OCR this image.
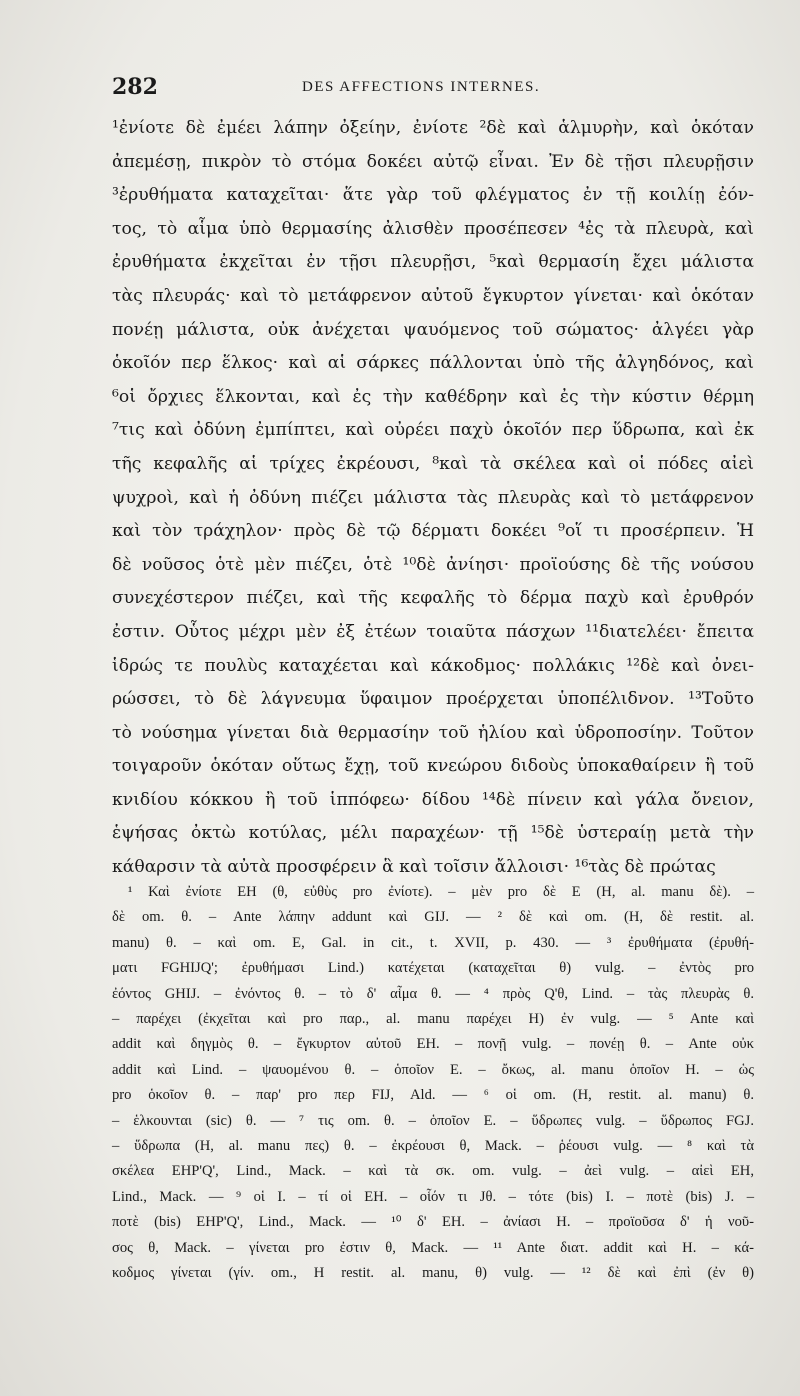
282	DES AFFECTIONS INTERNES.
¹ἐνίοτε δὲ ἐμέει λάπην ὀξείην, ἐνίοτε ²δὲ καὶ ἁλμυρὴν, καὶ ὁκόταν
ἀπεμέσῃ, πικρὸν τὸ στόμα δοκέει αὐτῷ εἶναι. Ἐν δὲ τῇσι πλευρῇσιν
³ἐρυθήματα καταχεῖται· ἅτε γὰρ τοῦ φλέγματος ἐν τῇ κοιλίῃ ἐόν-
τος, τὸ αἷμα ὑπὸ θερμασίης ἀλισθὲν προσέπεσεν ⁴ἐς τὰ πλευρὰ, καὶ
ἐρυθήματα ἐκχεῖται ἐν τῇσι πλευρῇσι, ⁵καὶ θερμασίη ἔχει μάλιστα
τὰς πλευράς· καὶ τὸ μετάφρενον αὐτοῦ ἔγκυρτον γίνεται· καὶ ὁκόταν
πονέῃ μάλιστα, οὐκ ἀνέχεται ψαυόμενος τοῦ σώματος· ἀλγέει γὰρ
ὁκοῖόν περ ἕλκος· καὶ αἱ σάρκες πάλλονται ὑπὸ τῆς ἀλγηδόνος, καὶ
⁶οἱ ὄρχιες ἕλκονται, καὶ ἐς τὴν καθέδρην καὶ ἐς τὴν κύστιν θέρμη
⁷τις καὶ ὀδύνη ἐμπίπτει, καὶ οὐρέει παχὺ ὁκοῖόν περ ὕδρωπα, καὶ ἐκ
τῆς κεφαλῆς αἱ τρίχες ἐκρέουσι, ⁸καὶ τὰ σκέλεα καὶ οἱ πόδες αἰεὶ
ψυχροὶ, καὶ ἡ ὀδύνη πιέζει μάλιστα τὰς πλευρὰς καὶ τὸ μετάφρενον
καὶ τὸν τράχηλον· πρὸς δὲ τῷ δέρματι δοκέει ⁹οἵ τι προσέρπειν. Ἡ
δὲ νοῦσος ὁτὲ μὲν πιέζει, ὁτὲ ¹⁰δὲ ἀνίησι· προϊούσης δὲ τῆς νούσου
συνεχέστερον πιέζει, καὶ τῆς κεφαλῆς τὸ δέρμα παχὺ καὶ ἐρυθρόν
ἐστιν. Οὗτος μέχρι μὲν ἐξ ἐτέων τοιαῦτα πάσχων ¹¹διατελέει· ἔπειτα
ἱδρώς τε πουλὺς καταχέεται καὶ κάκοδμος· πολλάκις ¹²δὲ καὶ ὀνει-
ρώσσει, τὸ δὲ λάγνευμα ὕφαιμον προέρχεται ὑποπέλιδνον. ¹³Τοῦτο
τὸ νούσημα γίνεται διὰ θερμασίην τοῦ ἡλίου καὶ ὑδροποσίην. Τοῦτον
τοιγαροῦν ὁκόταν οὕτως ἔχῃ, τοῦ κνεώρου διδοὺς ὑποκαθαίρειν ἢ τοῦ
κνιδίου κόκκου ἢ τοῦ ἱππόφεω· δίδου ¹⁴δὲ πίνειν καὶ γάλα ὄνειον,
ἑψήσας ὀκτὼ κοτύλας, μέλι παραχέων· τῇ ¹⁵δὲ ὑστεραίῃ μετὰ τὴν
κάθαρσιν τὰ αὐτὰ προσφέρειν ἃ καὶ τοῖσιν ἄλλοισι· ¹⁶τὰς δὲ πρώτας
¹ Καὶ ἐνίοτε EH (θ, εὐθὺς pro ἐνίοτε). – μὲν pro δὲ E (H, al. manu δὲ). –
δὲ om. θ. – Ante λάπην addunt καὶ GIJ. — ² δὲ καὶ om. (H, δὲ restit. al.
manu) θ. – καὶ om. E, Gal. in cit., t. XVII, p. 430. — ³ ἐρυθήματα (ἐρυθή-
ματι FGHIJQ'; ἐρυθήμασι Lind.) κατέχεται (καταχεῖται θ) vulg. – ἐντὸς pro
ἐόντος GHIJ. – ἐνόντος θ. – τὸ δ' αἷμα θ. — ⁴ πρὸς Q'θ, Lind. – τὰς πλευρὰς θ.
– παρέχει (ἐκχεῖται καὶ pro παρ., al. manu παρέχει H) ἐν vulg. — ⁵ Ante καὶ
addit καὶ δηγμὸς θ. – ἔγκυρτον αὐτοῦ EH. – πονῇ vulg. – πονέῃ θ. – Ante οὐκ
addit καὶ Lind. – ψαυομένου θ. – ὁποῖον E. – ὄκως, al. manu ὁποῖον H. – ὡς
pro ὁκοῖον θ. – παρ' pro περ FIJ, Ald. — ⁶ οἱ om. (H, restit. al. manu) θ.
– ἑλκουνται (sic) θ. — ⁷ τις om. θ. – ὁποῖον E. – ὕδρωπες vulg. – ὕδρωπος FGJ.
– ὕδρωπα (H, al. manu πες) θ. – ἐκρέουσι θ, Mack. – ῥέουσι vulg. — ⁸ καὶ τὰ
σκέλεα EHP'Q', Lind., Mack. – καὶ τὰ σκ. om. vulg. – ἀεὶ vulg. – αἰεὶ EH,
Lind., Mack. — ⁹ οἱ I. – τί οἱ EH. – οἷόν τι Jθ. – τότε (bis) I. – ποτὲ (bis) J. –
ποτὲ (bis) EHP'Q', Lind., Mack. — ¹⁰ δ' EH. – ἀνίασι H. – προϊοῦσα δ' ἡ νοῦ-
σος θ, Mack. – γίνεται pro ἐστιν θ, Mack. — ¹¹ Ante διατ. addit καὶ H. – κά-
κοδμος γίνεται (γίν. om., H restit. al. manu, θ) vulg. — ¹² δὲ καὶ ἐπὶ (ἐν θ)
